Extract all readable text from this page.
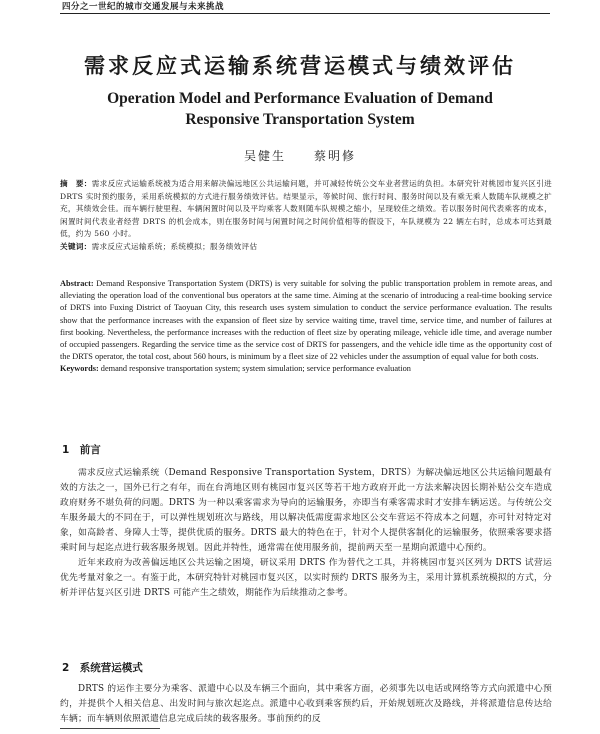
四分之一世纪的城市交通发展与未来挑战
需求反应式运输系统营运模式与绩效评估
Operation Model and Performance Evaluation of Demand
Responsive Transportation System
吴健生　　蔡明修

摘　要：需求反应式运输系统被为适合用来解决偏远地区公共运输问题，并可减轻传统公交车业者营运的负担。本研究针对桃园市复兴区引进 DRTS 实时预约服务，采用系统模拟的方式进行服务绩效评估。结果显示，等候时间、旅行时间、服务时间以及有乘无乘人数随车队规模之扩充，其绩效会佳。而车辆行驶里程、车辆闲置时间以及平均乘客人数则随车队规模之缩小，呈现较佳之绩效。若以服务时间代表乘客的成本，闲置时间代表业者经营 DRTS 的机会成本，则在服务时间与闲置时间之时间价值相等的假设下，车队规模为 22 辆左右时，总成本可达到最低，约为 560 小时。

关键词：需求反应式运输系统；系统模拟；服务绩效评估

Abstract: Demand Responsive Transportation System (DRTS) is very suitable for solving the public transportation problem in remote areas, and alleviating the operation load of the conventional bus operators at the same time. Aiming at the scenario of introducing a real-time booking service of DRTS into Fuxing District of Taoyuan City, this research uses system simulation to conduct the service performance evaluation. The results show that the performance increases with the expansion of fleet size by service waiting time, travel time, service time, and number of failures at first booking. Nevertheless, the performance increases with the reduction of fleet size by operating mileage, vehicle idle time, and average number of occupied passengers. Regarding the service time as the service cost of DRTS for passengers, and the vehicle idle time as the opportunity cost of the DRTS operator, the total cost, about 560 hours, is minimum by a fleet size of 22 vehicles under the assumption of equal value for both costs.

Keywords: demand responsive transportation system; system simulation; service performance evaluation

1　前言

需求反应式运输系统（Demand Responsive Transportation System，DRTS）为解决偏远地区公共运输问题最有效的方法之一，国外已行之有年，而在台湾地区则有桃园市复兴区等若干地方政府开此一方法来解决因长期补贴公交车造成政府财务不堪负荷的问题。DRTS 为一种以乘客需求为导向的运输服务，亦即当有乘客需求时才安排车辆运送。与传统公交车服务最大的不同在于，可以弹性规划班次与路线，用以解决低需度需求地区公交车营运不符成本之问题，亦可针对特定对象，如高龄者、身障人士等，提供优质的服务。DRTS 最大的特色在于，针对个人提供客制化的运输服务，依照乘客要求搭乘时间与起迄点进行载客服务规划。因此并特性，通常需在使用服务前，提前两天至一星期向派遣中心预约。

近年来政府为改善偏远地区公共运输之困境，研议采用 DRTS 作为替代之工具，并将桃园市复兴区列为 DRTS 试营运优先考量对象之一。有鉴于此，本研究特针对桃园市复兴区，以实时预约 DRTS 服务为主，采用计算机系统模拟的方式，分析并评估复兴区引进 DRTS 可能产生之绩效，期能作为后续推动之参考。

2　系统营运模式

DRTS 的运作主要分为乘客、派遣中心以及车辆三个面向，其中乘客方面，必须事先以电话或网络等方式向派遣中心预约，并提供个人相关信息、出发时间与旅次起迄点。派遣中心收到乘客预约后，开始规划班次及路线，并将派遣信息传达给车辆；而车辆则依照派遣信息完成后续的载客服务。事前预约的反
